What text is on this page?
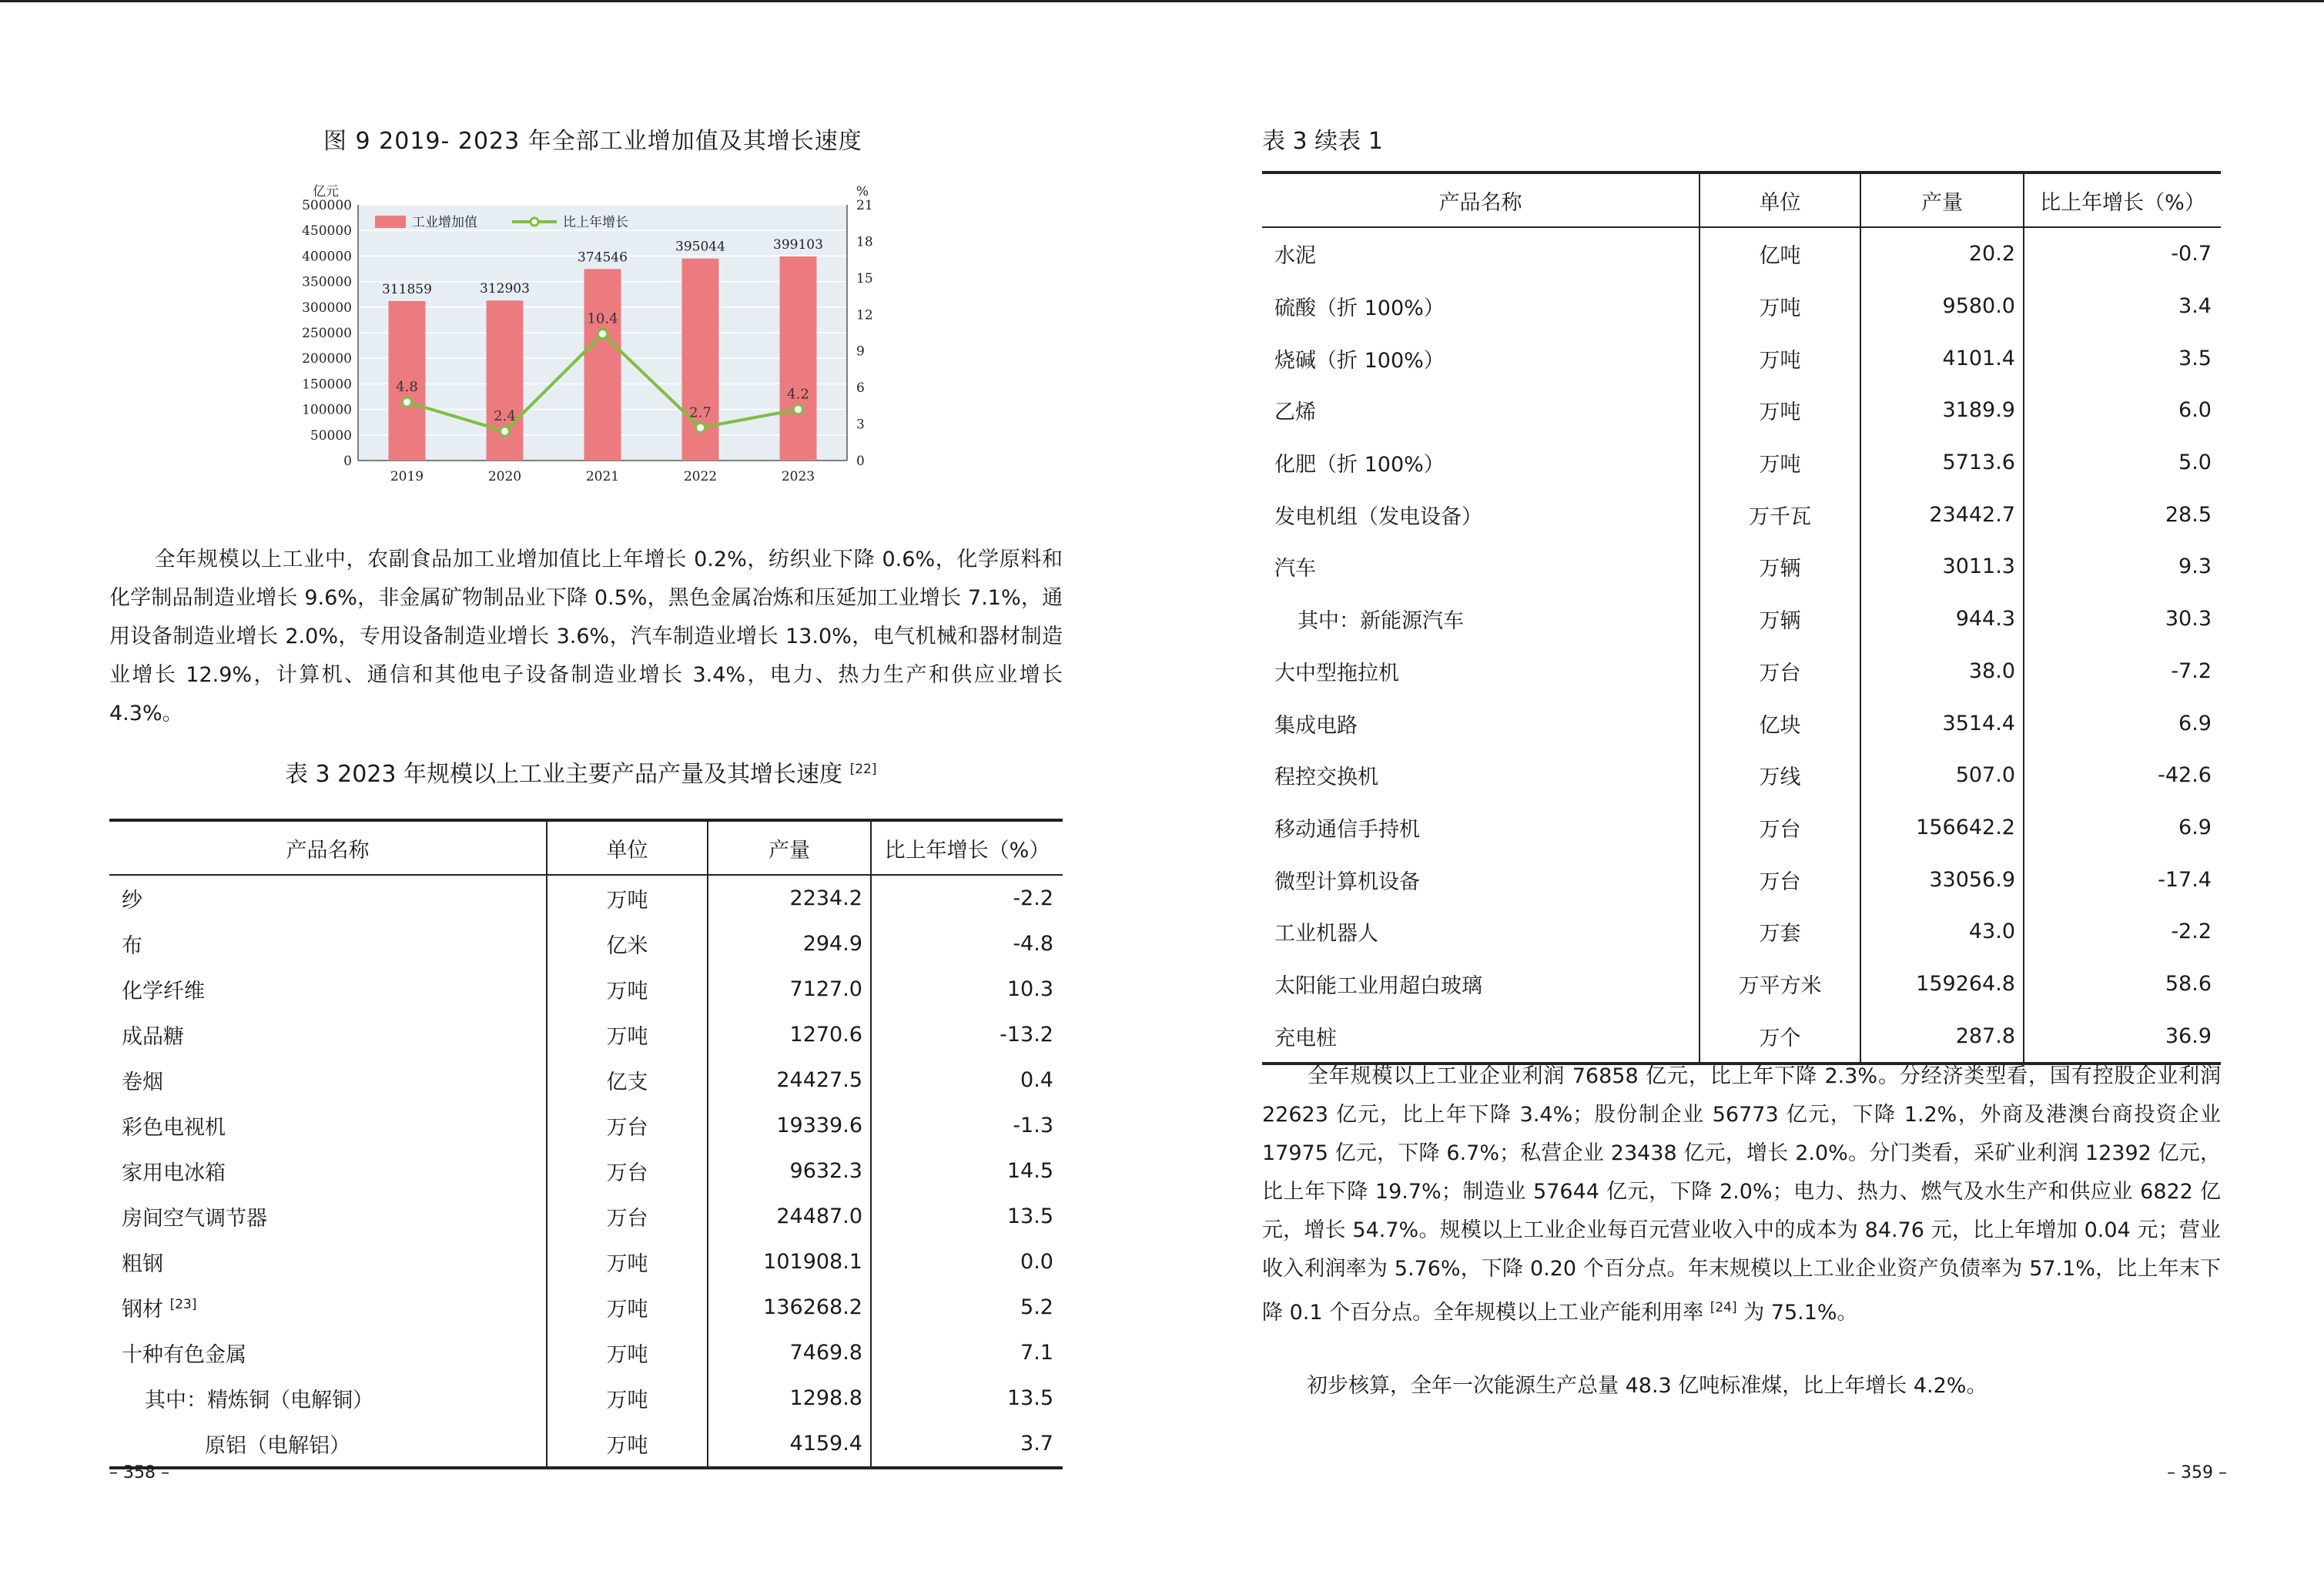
图 9 2019- 2023 年全部工业增加值及其增长速度
0
50000
100000
150000
200000
250000
300000
350000
400000
450000
500000
0
3
6
9
12
15
18
21
亿元	%
311859
2019
312903
2020
374546
2021
395044
2022
399103
2023
4.8
2.4
10.4
2.7
4.2
工业增加值	比上年增长
全年规模以上工业中，农副食品加工业增加值比上年增长 0.2%，纺织业下降 0.6%，化学原料和化学制品制造业增长 9.6%，非金属矿物制品业下降 0.5%，黑色金属冶炼和压延加工业增长 7.1%，通用设备制造业增长 2.0%，专用设备制造业增长 3.6%，汽车制造业增长 13.0%，电气机械和器材制造业增长 12.9%，计算机、通信和其他电子设备制造业增长 3.4%，电力、热力生产和供应业增长 4.3%。
表 3 2023 年规模以上工业主要产品产量及其增长速度 [22]
产品名称	单位	产量	比上年增长（%）
纱	万吨	2234.2	-2.2
布	亿米	294.9	-4.8
化学纤维	万吨	7127.0	10.3
成品糖	万吨	1270.6	-13.2
卷烟	亿支	24427.5	0.4
彩色电视机	万台	19339.6	-1.3
家用电冰箱	万台	9632.3	14.5
房间空气调节器	万台	24487.0	13.5
粗钢	万吨	101908.1	0.0
钢材 [23]	万吨	136268.2	5.2
十种有色金属	万吨	7469.8	7.1
其中：精炼铜（电解铜）	万吨	1298.8	13.5
原铝（电解铝）	万吨	4159.4	3.7
– 358 –
表 3 续表 1
产品名称	单位	产量	比上年增长（%）
水泥	亿吨	20.2	-0.7
硫酸（折 100%）	万吨	9580.0	3.4
烧碱（折 100%）	万吨	4101.4	3.5
乙烯	万吨	3189.9	6.0
化肥（折 100%）	万吨	5713.6	5.0
发电机组（发电设备）	万千瓦	23442.7	28.5
汽车	万辆	3011.3	9.3
其中：新能源汽车	万辆	944.3	30.3
大中型拖拉机	万台	38.0	-7.2
集成电路	亿块	3514.4	6.9
程控交换机	万线	507.0	-42.6
移动通信手持机	万台	156642.2	6.9
微型计算机设备	万台	33056.9	-17.4
工业机器人	万套	43.0	-2.2
太阳能工业用超白玻璃	万平方米	159264.8	58.6
充电桩	万个	287.8	36.9
全年规模以上工业企业利润 76858 亿元，比上年下降 2.3%。分经济类型看，国有控股企业利润 22623 亿元，比上年下降 3.4%；股份制企业 56773 亿元，下降 1.2%，外商及港澳台商投资企业 17975 亿元，下降 6.7%；私营企业 23438 亿元，增长 2.0%。分门类看，采矿业利润 12392 亿元，比上年下降 19.7%；制造业 57644 亿元，下降 2.0%；电力、热力、燃气及水生产和供应业 6822 亿元，增长 54.7%。规模以上工业企业每百元营业收入中的成本为 84.76 元，比上年增加 0.04 元；营业收入利润率为 5.76%，下降 0.20 个百分点。年末规模以上工业企业资产负债率为 57.1%，比上年末下降 0.1 个百分点。全年规模以上工业产能利用率 [24] 为 75.1%。
初步核算，全年一次能源生产总量 48.3 亿吨标准煤，比上年增长 4.2%。
– 359 –
